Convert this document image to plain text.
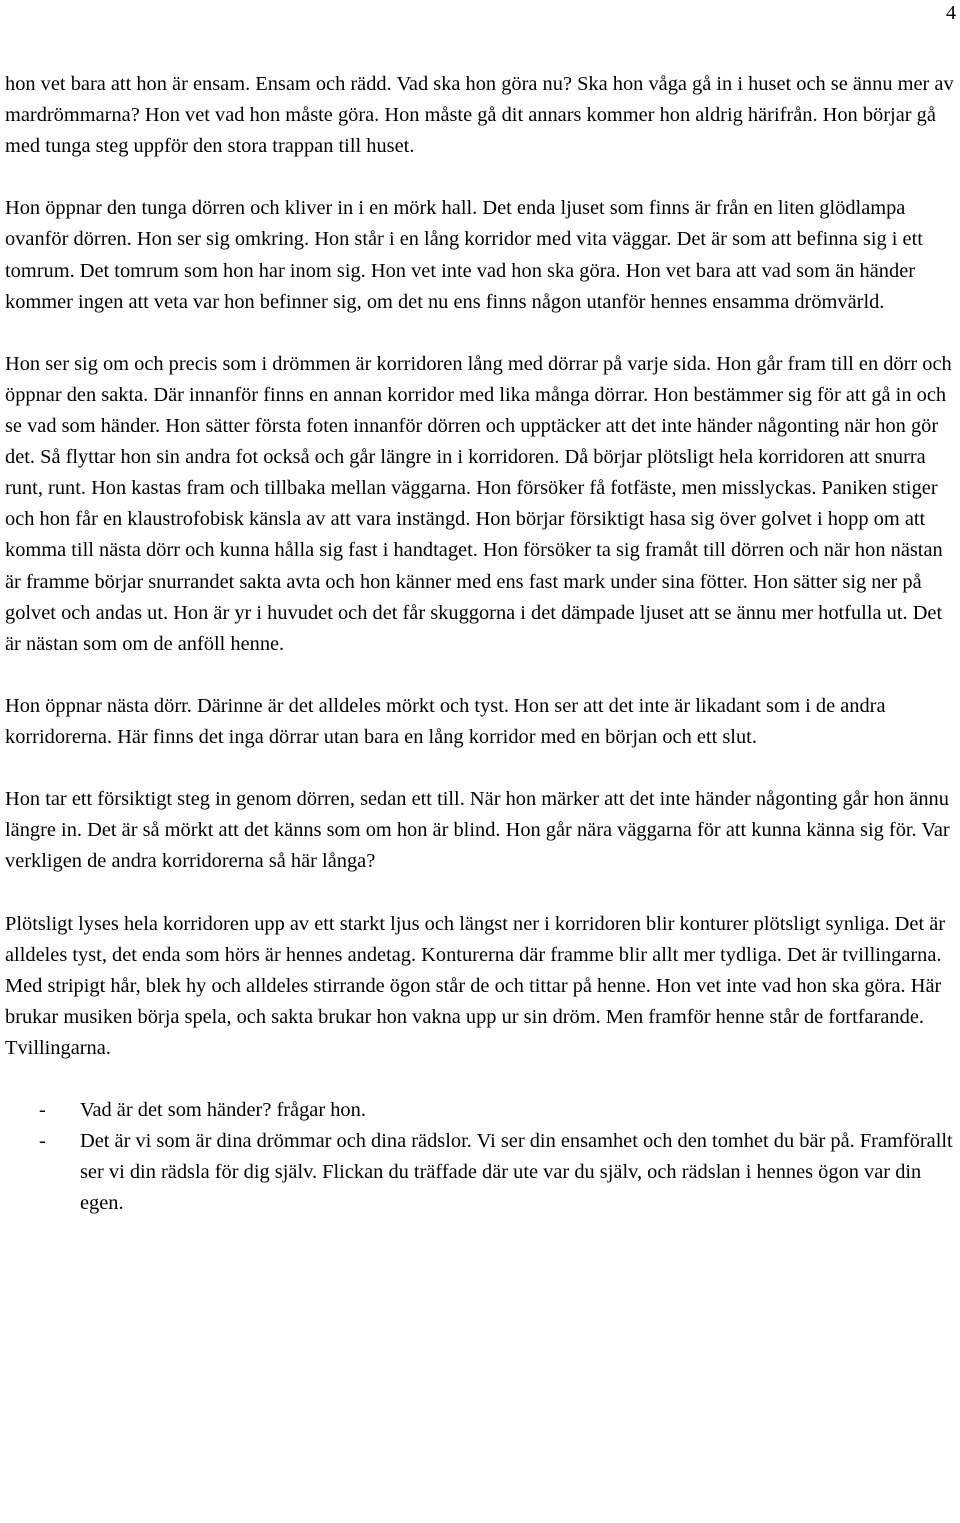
4

hon vet bara att hon är ensam. Ensam och rädd. Vad ska hon göra nu? Ska hon våga gå in i huset och se ännu mer av mardrömmarna? Hon vet vad hon måste göra. Hon måste gå dit annars kommer hon aldrig härifrån. Hon börjar gå med tunga steg uppför den stora trappan till huset.

Hon öppnar den tunga dörren och kliver in i en mörk hall. Det enda ljuset som finns är från en liten glödlampa ovanför dörren. Hon ser sig omkring. Hon står i en lång korridor med vita väggar. Det är som att befinna sig i ett tomrum. Det tomrum som hon har inom sig. Hon vet inte vad hon ska göra. Hon vet bara att vad som än händer kommer ingen att veta var hon befinner sig, om det nu ens finns någon utanför hennes ensamma drömvärld.

Hon ser sig om och precis som i drömmen är korridoren lång med dörrar på varje sida. Hon går fram till en dörr och öppnar den sakta. Där innanför finns en annan korridor med lika många dörrar. Hon bestämmer sig för att gå in och se vad som händer. Hon sätter första foten innanför dörren och upptäcker att det inte händer någonting när hon gör det. Så flyttar hon sin andra fot också och går längre in i korridoren. Då börjar plötsligt hela korridoren att snurra runt, runt. Hon kastas fram och tillbaka mellan väggarna. Hon försöker få fotfäste, men misslyckas. Paniken stiger och hon får en klaustrofobisk känsla av att vara instängd. Hon börjar försiktigt hasa sig över golvet i hopp om att komma till nästa dörr och kunna hålla sig fast i handtaget. Hon försöker ta sig framåt till dörren och när hon nästan är framme börjar snurrandet sakta avta och hon känner med ens fast mark under sina fötter. Hon sätter sig ner på golvet och andas ut. Hon är yr i huvudet och det får skuggorna i det dämpade ljuset att se ännu mer hotfulla ut. Det är nästan som om de anföll henne.

Hon öppnar nästa dörr. Därinne är det alldeles mörkt och tyst. Hon ser att det inte är likadant som i de andra korridorerna. Här finns det inga dörrar utan bara en lång korridor med en början och ett slut.

Hon tar ett försiktigt steg in genom dörren, sedan ett till. När hon märker att det inte händer någonting går hon ännu längre in. Det är så mörkt att det känns som om hon är blind. Hon går nära väggarna för att kunna känna sig för. Var verkligen de andra korridorerna så här långa?

Plötsligt lyses hela korridoren upp av ett starkt ljus och längst ner i korridoren blir konturer plötsligt synliga. Det är alldeles tyst, det enda som hörs är hennes andetag. Konturerna där framme blir allt mer tydliga. Det är tvillingarna. Med stripigt hår, blek hy och alldeles stirrande ögon står de och tittar på henne. Hon vet inte vad hon ska göra. Här brukar musiken börja spela, och sakta brukar hon vakna upp ur sin dröm. Men framför henne står de fortfarande. Tvillingarna.

- Vad är det som händer? frågar hon.
- Det är vi som är dina drömmar och dina rädslor. Vi ser din ensamhet och den tomhet du bär på. Framförallt ser vi din rädsla för dig själv. Flickan du träffade där ute var du själv, och rädslan i hennes ögon var din egen.
